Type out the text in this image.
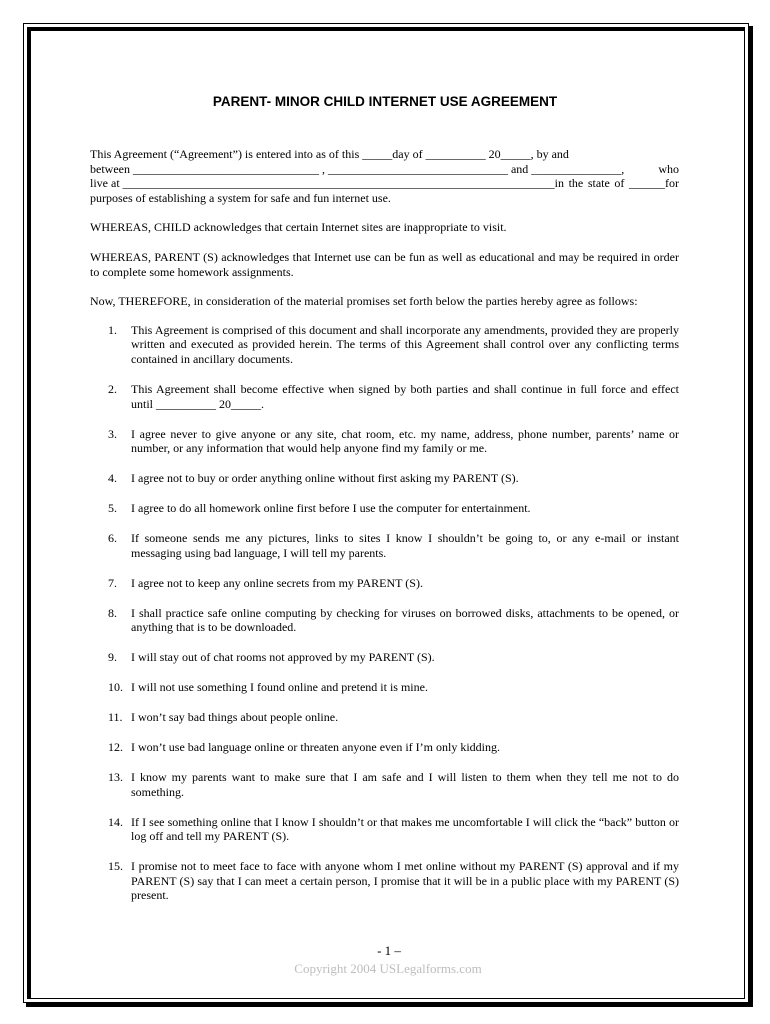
PARENT- MINOR CHILD INTERNET USE AGREEMENT
This Agreement (“Agreement”) is entered into as of this _____day of __________ 20_____, by and
between _______________________________ , ______________________________ and _______________,	who
live at ________________________________________________________________________in the state of ______for
purposes of establishing a system for safe and fun internet use.

WHEREAS, CHILD acknowledges that certain Internet sites are inappropriate to visit.

WHEREAS, PARENT (S) acknowledges that Internet use can be fun as well as educational and may be required in order to complete some homework assignments.

Now, THEREFORE, in consideration of the material promises set forth below the parties hereby agree as follows:

1. This Agreement is comprised of this document and shall incorporate any amendments, provided they are properly written and executed as provided herein. The terms of this Agreement shall control over any conflicting terms contained in ancillary documents.
2. This Agreement shall become effective when signed by both parties and shall continue in full force and effect until __________ 20_____.
3. I agree never to give anyone or any site, chat room, etc. my name, address, phone number, parents’ name or number, or any information that would help anyone find my family or me.
4. I agree not to buy or order anything online without first asking my PARENT (S).
5. I agree to do all homework online first before I use the computer for entertainment.
6. If someone sends me any pictures, links to sites I know I shouldn’t be going to, or any e-mail or instant messaging using bad language, I will tell my parents.
7. I agree not to keep any online secrets from my PARENT (S).
8. I shall practice safe online computing by checking for viruses on borrowed disks, attachments to be opened, or anything that is to be downloaded.
9. I will stay out of chat rooms not approved by my PARENT (S).
10. I will not use something I found online and pretend it is mine.
11. I won’t say bad things about people online.
12. I won’t use bad language online or threaten anyone even if I’m only kidding.
13. I know my parents want to make sure that I am safe and I will listen to them when they tell me not to do something.
14. If I see something online that I know I shouldn’t or that makes me uncomfortable I will click the “back” button or log off and tell my PARENT (S).
15. I promise not to meet face to face with anyone whom I met online without my PARENT (S) approval and if my PARENT (S) say that I can meet a certain person, I promise that it will be in a public place with my PARENT (S) present.
- 1 –
Copyright 2004 USLegalforms.com
